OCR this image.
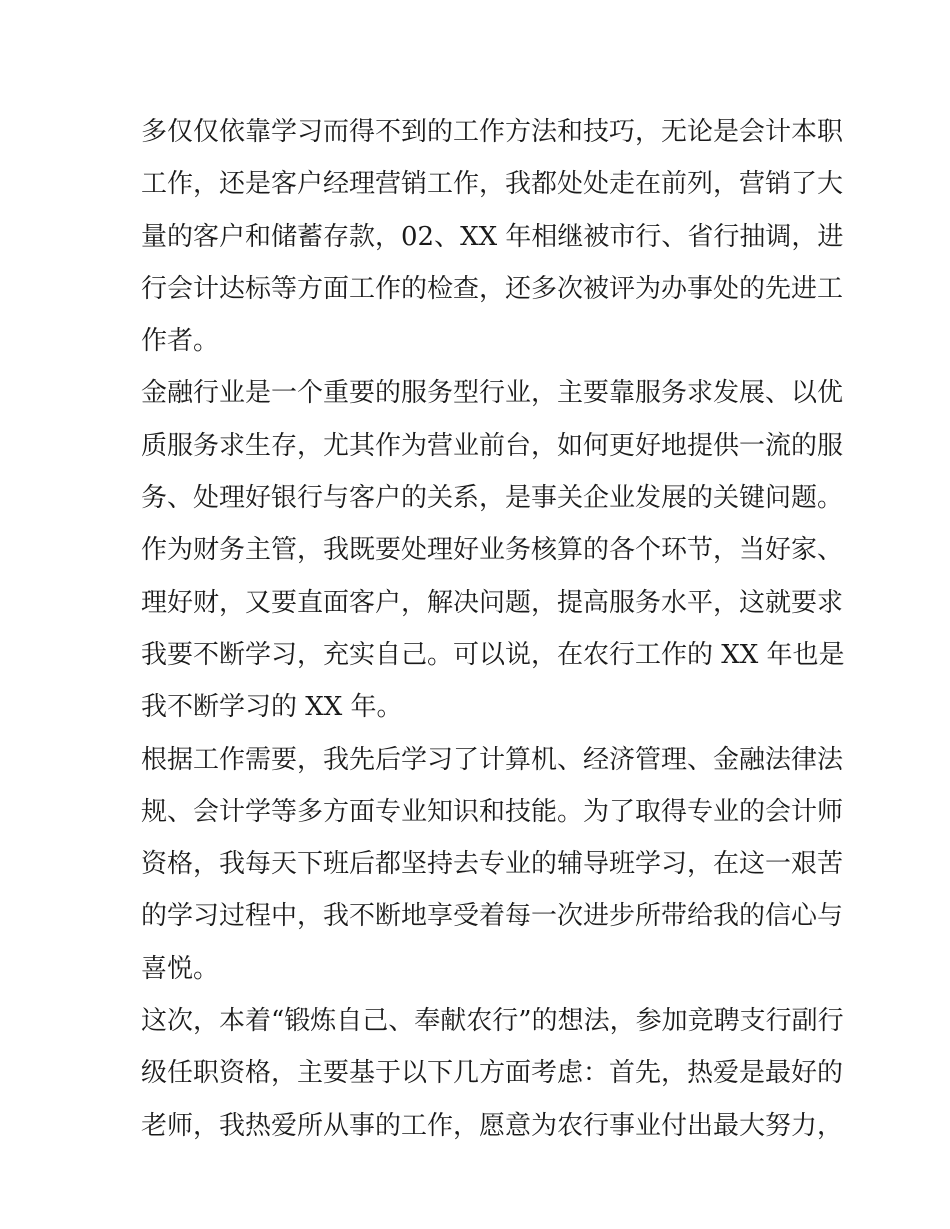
多仅仅依靠学习而得不到的工作方法和技巧，无论是会计本职
工作，还是客户经理营销工作，我都处处走在前列，营销了大
量的客户和储蓄存款，02、XX 年相继被市行、省行抽调，进
行会计达标等方面工作的检查，还多次被评为办事处的先进工
作者。
金融行业是一个重要的服务型行业，主要靠服务求发展、以优
质服务求生存，尤其作为营业前台，如何更好地提供一流的服
务、处理好银行与客户的关系，是事关企业发展的关键问题。
作为财务主管，我既要处理好业务核算的各个环节，当好家、
理好财，又要直面客户，解决问题，提高服务水平，这就要求
我要不断学习，充实自己。可以说，在农行工作的 XX 年也是
我不断学习的 XX 年。
根据工作需要，我先后学习了计算机、经济管理、金融法律法
规、会计学等多方面专业知识和技能。为了取得专业的会计师
资格，我每天下班后都坚持去专业的辅导班学习，在这一艰苦
的学习过程中，我不断地享受着每一次进步所带给我的信心与
喜悦。
这次，本着“锻炼自己、奉献农行”的想法，参加竞聘支行副行
级任职资格，主要基于以下几方面考虑：首先，热爱是最好的
老师，我热爱所从事的工作，愿意为农行事业付出最大努力，
